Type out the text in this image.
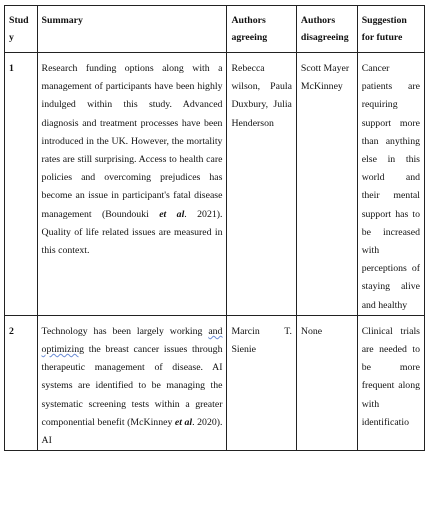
Study	Summary	Authors agreeing	Authors disagreeing	Suggestion for future
1	Research funding options along with a management of participants have been highly indulged within this study. Advanced diagnosis and treatment processes have been introduced in the UK. However, the mortality rates are still surprising. Access to health care policies and overcoming prejudices has become an issue in participant's fatal disease management (Boundouki et al. 2021). Quality of life related issues are measured in this context.	Rebecca wilson, Paula Duxbury, Julia Henderson	Scott Mayer McKinney	Cancer patients are requiring support more than anything else in this world and their mental support has to be increased with perceptions of staying alive and healthy
2	Technology has been largely working and optimizing the breast cancer issues through therapeutic management of disease. AI systems are identified to be managing the systematic screening tests within a greater componential benefit (McKinney et al. 2020). AI	Marcin T. Sienie	None	Clinical trials are needed to be more frequent along with identificatio
